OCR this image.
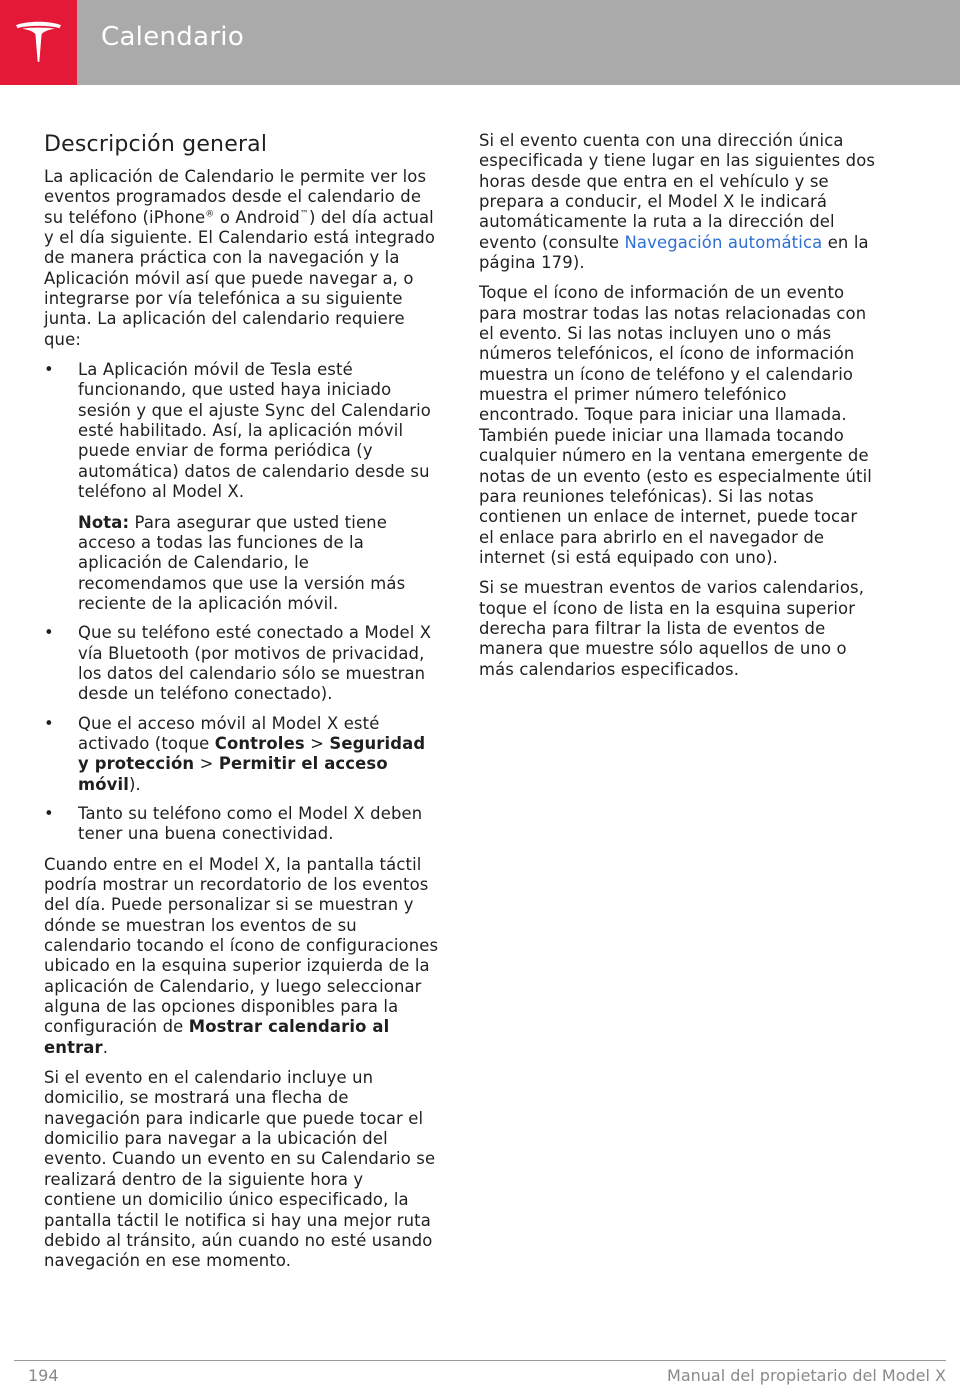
Calendario
Descripción general

La aplicación de Calendario le permite ver los eventos programados desde el calendario de su teléfono (iPhone® o Android™) del día actual y el día siguiente. El Calendario está integrado de manera práctica con la navegación y la Aplicación móvil así que puede navegar a, o integrarse por vía telefónica a su siguiente junta. La aplicación del calendario requiere que:

• La Aplicación móvil de Tesla esté funcionando, que usted haya iniciado sesión y que el ajuste Sync del Calendario esté habilitado. Así, la aplicación móvil puede enviar de forma periódica (y automática) datos de calendario desde su teléfono al Model X.

Nota: Para asegurar que usted tiene acceso a todas las funciones de la aplicación de Calendario, le recomendamos que use la versión más reciente de la aplicación móvil.

• Que su teléfono esté conectado a Model X vía Bluetooth (por motivos de privacidad, los datos del calendario sólo se muestran desde un teléfono conectado).
• Que el acceso móvil al Model X esté activado (toque Controles > Seguridad y protección > Permitir el acceso móvil).
• Tanto su teléfono como el Model X deben tener una buena conectividad.

Cuando entre en el Model X, la pantalla táctil podría mostrar un recordatorio de los eventos del día. Puede personalizar si se muestran y dónde se muestran los eventos de su calendario tocando el ícono de configuraciones ubicado en la esquina superior izquierda de la aplicación de Calendario, y luego seleccionar alguna de las opciones disponibles para la configuración de Mostrar calendario al entrar.

Si el evento en el calendario incluye un domicilio, se mostrará una flecha de navegación para indicarle que puede tocar el domicilio para navegar a la ubicación del evento. Cuando un evento en su Calendario se realizará dentro de la siguiente hora y contiene un domicilio único especificado, la pantalla táctil le notifica si hay una mejor ruta debido al tránsito, aún cuando no esté usando navegación en ese momento.

Si el evento cuenta con una dirección única especificada y tiene lugar en las siguientes dos horas desde que entra en el vehículo y se prepara a conducir, el Model X le indicará automáticamente la ruta a la dirección del evento (consulte Navegación automática en la página 179).

Toque el ícono de información de un evento para mostrar todas las notas relacionadas con el evento. Si las notas incluyen uno o más números telefónicos, el ícono de información muestra un ícono de teléfono y el calendario muestra el primer número telefónico encontrado. Toque para iniciar una llamada. También puede iniciar una llamada tocando cualquier número en la ventana emergente de notas de un evento (esto es especialmente útil para reuniones telefónicas). Si las notas contienen un enlace de internet, puede tocar el enlace para abrirlo en el navegador de internet (si está equipado con uno).

Si se muestran eventos de varios calendarios, toque el ícono de lista en la esquina superior derecha para filtrar la lista de eventos de manera que muestre sólo aquellos de uno o más calendarios especificados.

194	Manual del propietario del Model X
